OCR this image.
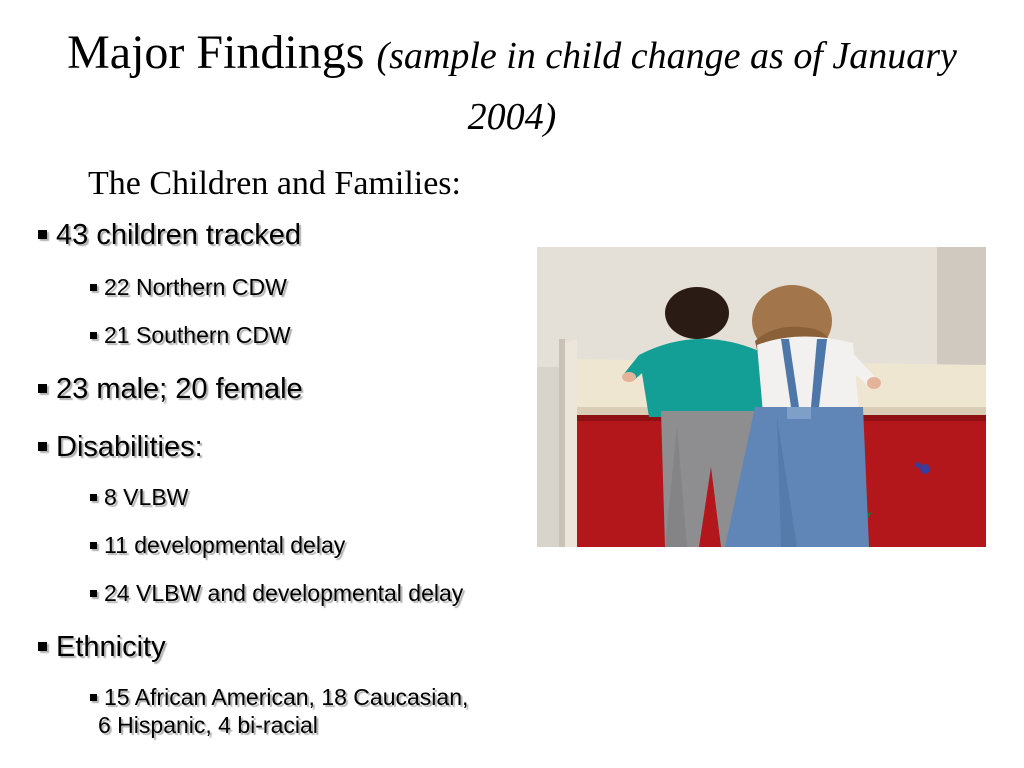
Major Findings (sample in child change as of January 2004)
The Children and Families:
43 children tracked
22 Northern CDW
21 Southern CDW
23 male; 20 female
Disabilities:
8 VLBW
11 developmental delay
24 VLBW and developmental delay
Ethnicity
15 African American, 18 Caucasian,
6 Hispanic, 4 bi-racial
